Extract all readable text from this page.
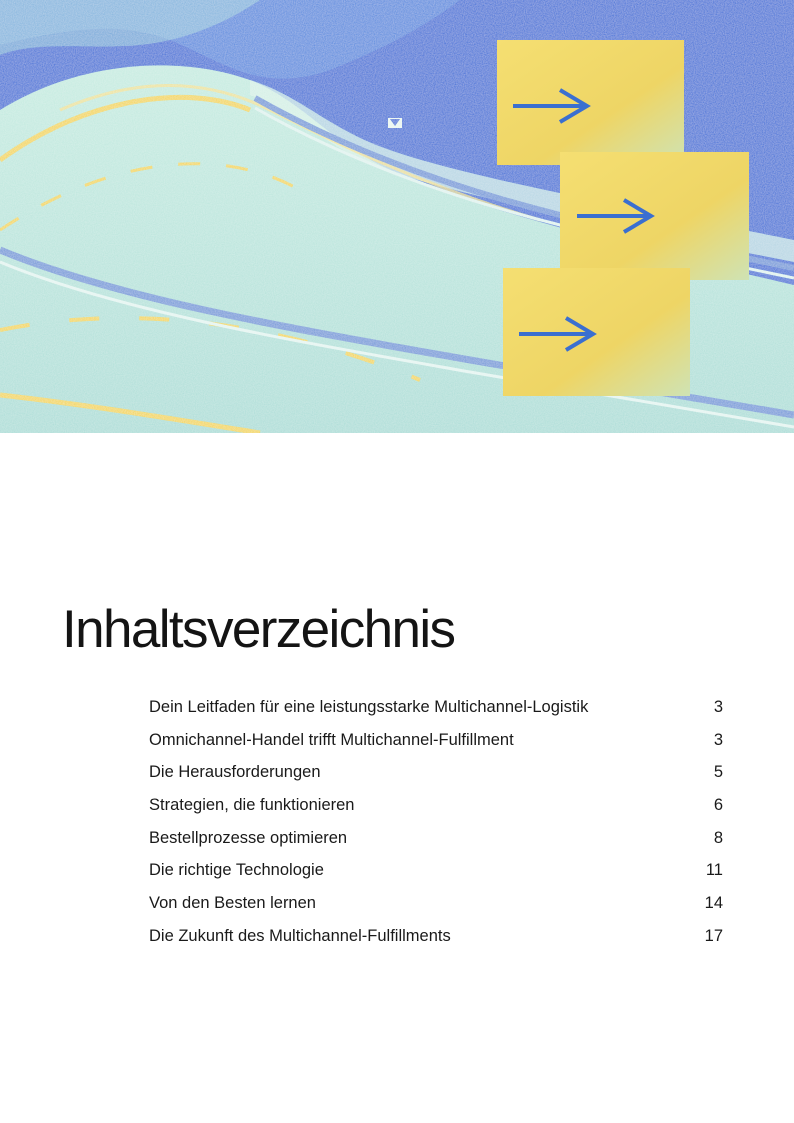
Inhaltsverzeichnis
Dein Leitfaden für eine leistungsstarke Multichannel-Logistik	3
Omnichannel-Handel trifft Multichannel-Fulfillment	3
Die Herausforderungen	5
Strategien, die funktionieren	6
Bestellprozesse optimieren	8
Die richtige Technologie	11
Von den Besten lernen	14
Die Zukunft des Multichannel-Fulfillments	17
